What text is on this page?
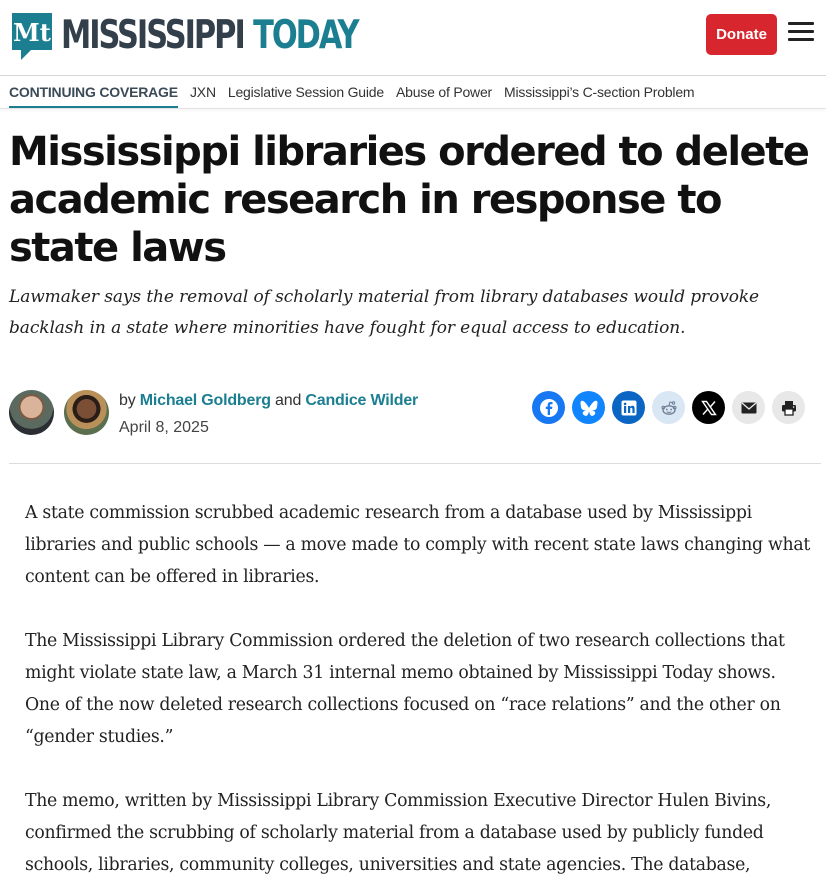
Mt MISSISSIPPI TODAY	Donate
CONTINUING COVERAGE JXN Legislative Session Guide Abuse of Power Mississippi’s C-section Problem
Mississippi libraries ordered to delete academic research in response to state laws

Lawmaker says the removal of scholarly material from library databases would provoke backlash in a state where minorities have fought for equal access to education.

by Michael Goldberg and Candice Wilder
April 8, 2025

A state commission scrubbed academic research from a database used by Mississippi libraries and public schools — a move made to comply with recent state laws changing what content can be offered in libraries.

The Mississippi Library Commission ordered the deletion of two research collections that might violate state law, a March 31 internal memo obtained by Mississippi Today shows. One of the now deleted research collections focused on “race relations” and the other on “gender studies.”

The memo, written by Mississippi Library Commission Executive Director Hulen Bivins, confirmed the scrubbing of scholarly material from a database used by publicly funded schools, libraries, community colleges, universities and state agencies. The database,
